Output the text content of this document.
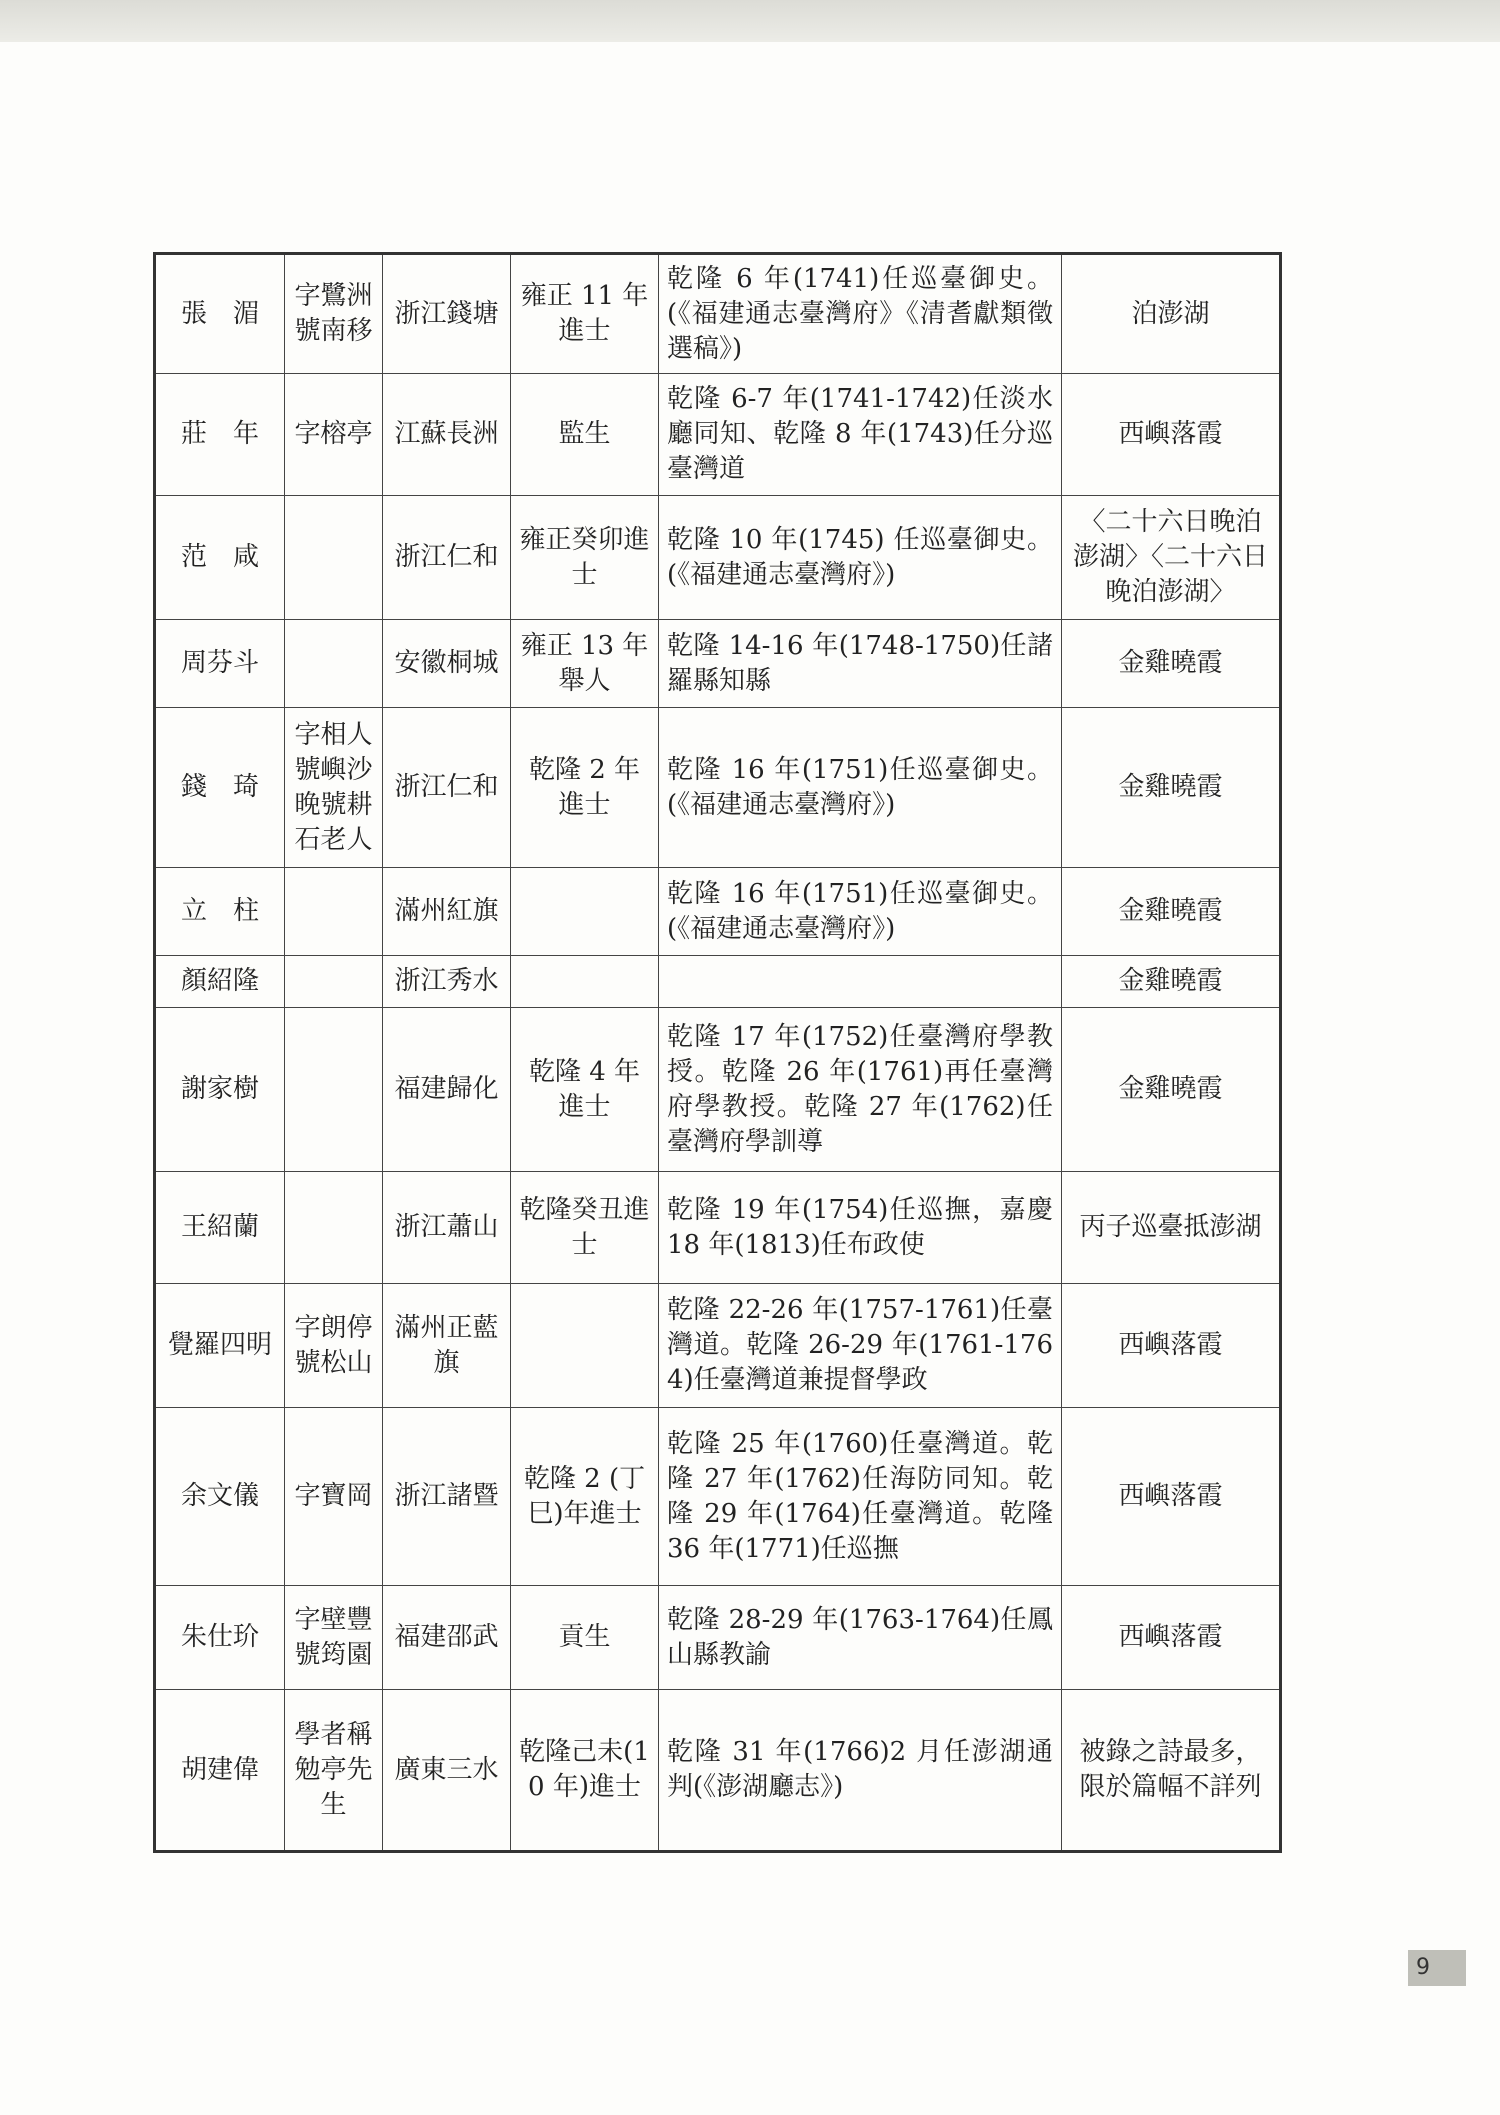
張　湄	字鷺洲號南移	浙江錢塘	雍正 11 年進士	乾隆 6 年(1741)任巡臺御史。(《福建通志臺灣府》《清耆獻類徵選稿》)	泊澎湖
莊　年	字榕亭	江蘇長洲	監生	乾隆 6-7 年(1741-1742)任淡水廳同知、乾隆 8 年(1743)任分巡臺灣道	西嶼落霞
范　咸		浙江仁和	雍正癸卯進士	乾隆 10 年(1745) 任巡臺御史。(《福建通志臺灣府》)	〈二十六日晚泊澎湖〉〈二十六日晚泊澎湖〉
周芬斗		安徽桐城	雍正 13 年舉人	乾隆 14-16 年(1748-1750)任諸羅縣知縣	金雞曉霞
錢　琦	字相人號嶼沙晚號耕石老人	浙江仁和	乾隆 2 年進士	乾隆 16 年(1751)任巡臺御史。(《福建通志臺灣府》)	金雞曉霞
立　柱		滿州紅旗		乾隆 16 年(1751)任巡臺御史。(《福建通志臺灣府》)	金雞曉霞
顏紹隆		浙江秀水			金雞曉霞
謝家樹		福建歸化	乾隆 4 年進士	乾隆 17 年(1752)任臺灣府學教授。乾隆 26 年(1761)再任臺灣府學教授。乾隆 27 年(1762)任臺灣府學訓導	金雞曉霞
王紹蘭		浙江蕭山	乾隆癸丑進士	乾隆 19 年(1754)任巡撫，嘉慶 18 年(1813)任布政使	丙子巡臺抵澎湖
覺羅四明	字朗停號松山	滿州正藍旗		乾隆 22-26 年(1757-1761)任臺灣道。乾隆 26-29 年(1761-1764)任臺灣道兼提督學政	西嶼落霞
余文儀	字寶岡	浙江諸暨	乾隆 2 (丁巳)年進士	乾隆 25 年(1760)任臺灣道。乾隆 27 年(1762)任海防同知。乾隆 29 年(1764)任臺灣道。乾隆 36 年(1771)任巡撫	西嶼落霞
朱仕玠	字壁豐號筠園	福建邵武	貢生	乾隆 28-29 年(1763-1764)任鳳山縣教諭	西嶼落霞
胡建偉	學者稱勉亭先生	廣東三水	乾隆己未(10 年)進士	乾隆 31 年(1766)2 月任澎湖通判(《澎湖廳志》)	被錄之詩最多，限於篇幅不詳列
9
